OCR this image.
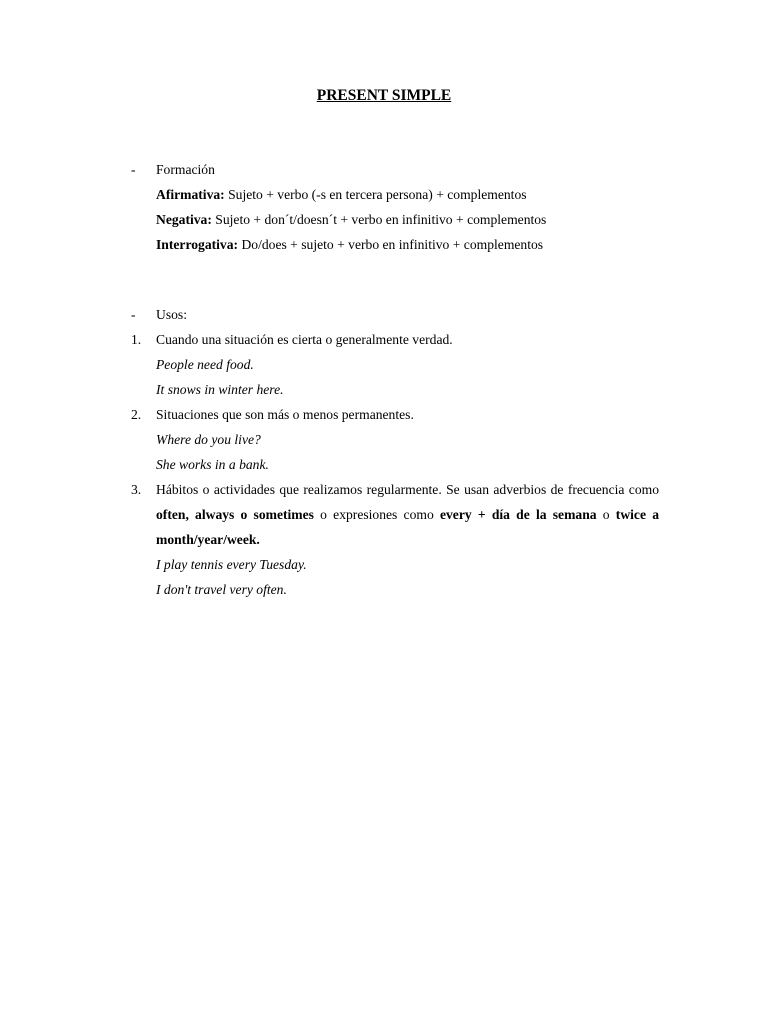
PRESENT SIMPLE
-	Formación
Afirmativa: Sujeto + verbo (-s en tercera persona) + complementos
Negativa: Sujeto + don´t/doesn´t + verbo en infinitivo + complementos
Interrogativa: Do/does + sujeto + verbo en infinitivo + complementos
-	Usos:
1.	Cuando una situación es cierta o generalmente verdad.
People need food.
It snows in winter here.
2.	Situaciones que son más o menos permanentes.
Where do you live?
She works in a bank.
3.	Hábitos o actividades que realizamos regularmente. Se usan adverbios de frecuencia como often, always o sometimes o expresiones como every + día de la semana o twice a month/year/week.
I play tennis every Tuesday.
I don't travel very often.
